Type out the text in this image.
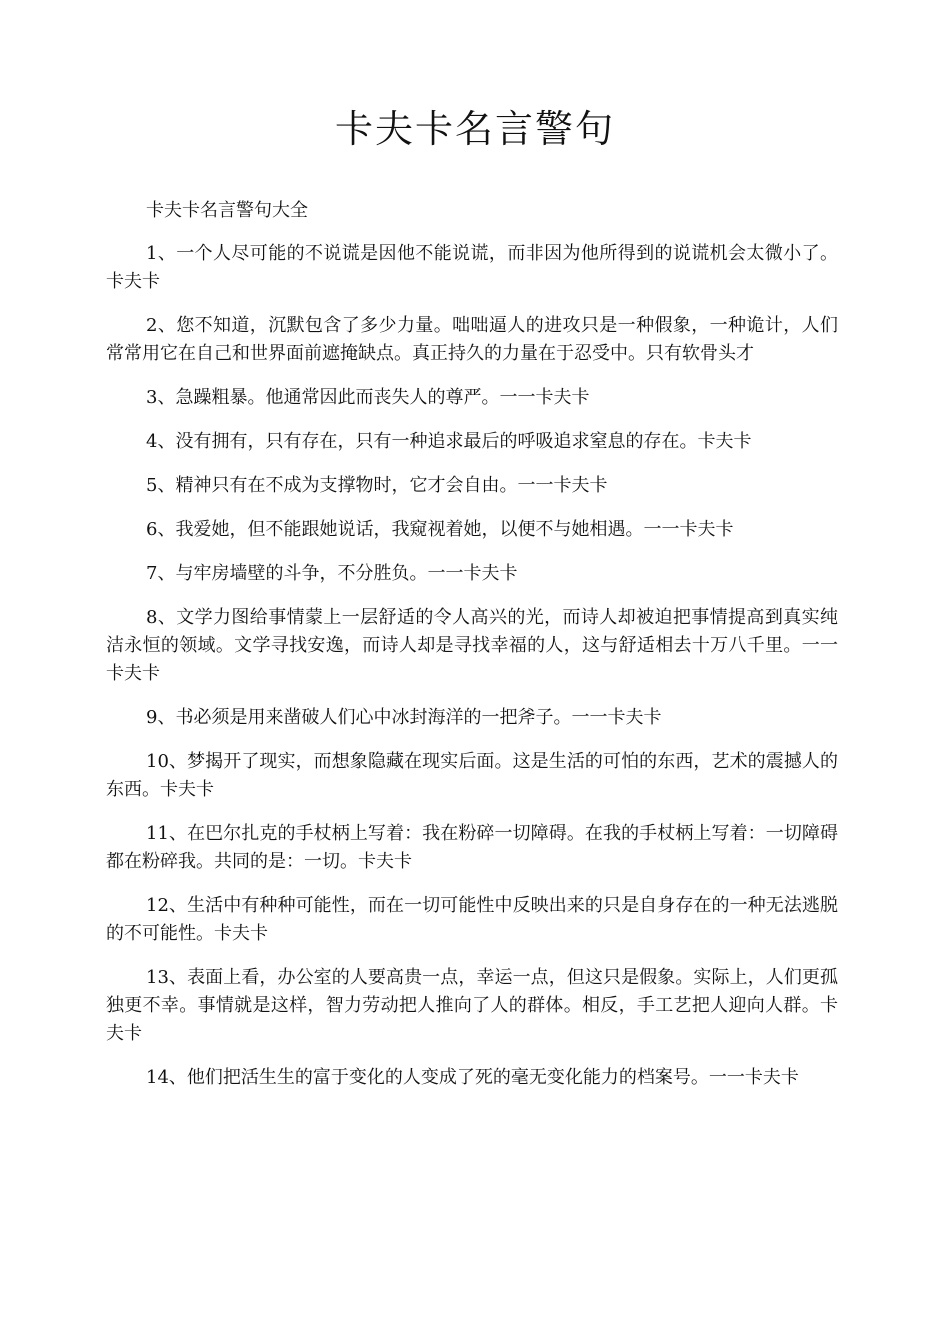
卡夫卡名言警句

卡夫卡名言警句大全

1、一个人尽可能的不说谎是因他不能说谎，而非因为他所得到的说谎机会太微小了。卡夫卡

2、您不知道，沉默包含了多少力量。咄咄逼人的进攻只是一种假象，一种诡计，人们常常用它在自己和世界面前遮掩缺点。真正持久的力量在于忍受中。只有软骨头才

3、急躁粗暴。他通常因此而丧失人的尊严。一一卡夫卡

4、没有拥有，只有存在，只有一种追求最后的呼吸追求窒息的存在。卡夫卡

5、精神只有在不成为支撑物时，它才会自由。一一卡夫卡

6、我爱她，但不能跟她说话，我窥视着她，以便不与她相遇。一一卡夫卡

7、与牢房墙壁的斗争，不分胜负。一一卡夫卡

8、文学力图给事情蒙上一层舒适的令人高兴的光，而诗人却被迫把事情提高到真实纯洁永恒的领域。文学寻找安逸，而诗人却是寻找幸福的人，这与舒适相去十万八千里。一一卡夫卡

9、书必须是用来凿破人们心中冰封海洋的一把斧子。一一卡夫卡

10、梦揭开了现实，而想象隐藏在现实后面。这是生活的可怕的东西，艺术的震撼人的东西。卡夫卡

11、在巴尔扎克的手杖柄上写着：我在粉碎一切障碍。在我的手杖柄上写着：一切障碍都在粉碎我。共同的是：一切。卡夫卡

12、生活中有种种可能性，而在一切可能性中反映出来的只是自身存在的一种无法逃脱的不可能性。卡夫卡

13、表面上看，办公室的人要高贵一点，幸运一点，但这只是假象。实际上，人们更孤独更不幸。事情就是这样，智力劳动把人推向了人的群体。相反，手工艺把人迎向人群。卡夫卡

14、他们把活生生的富于变化的人变成了死的毫无变化能力的档案号。一一卡夫卡
